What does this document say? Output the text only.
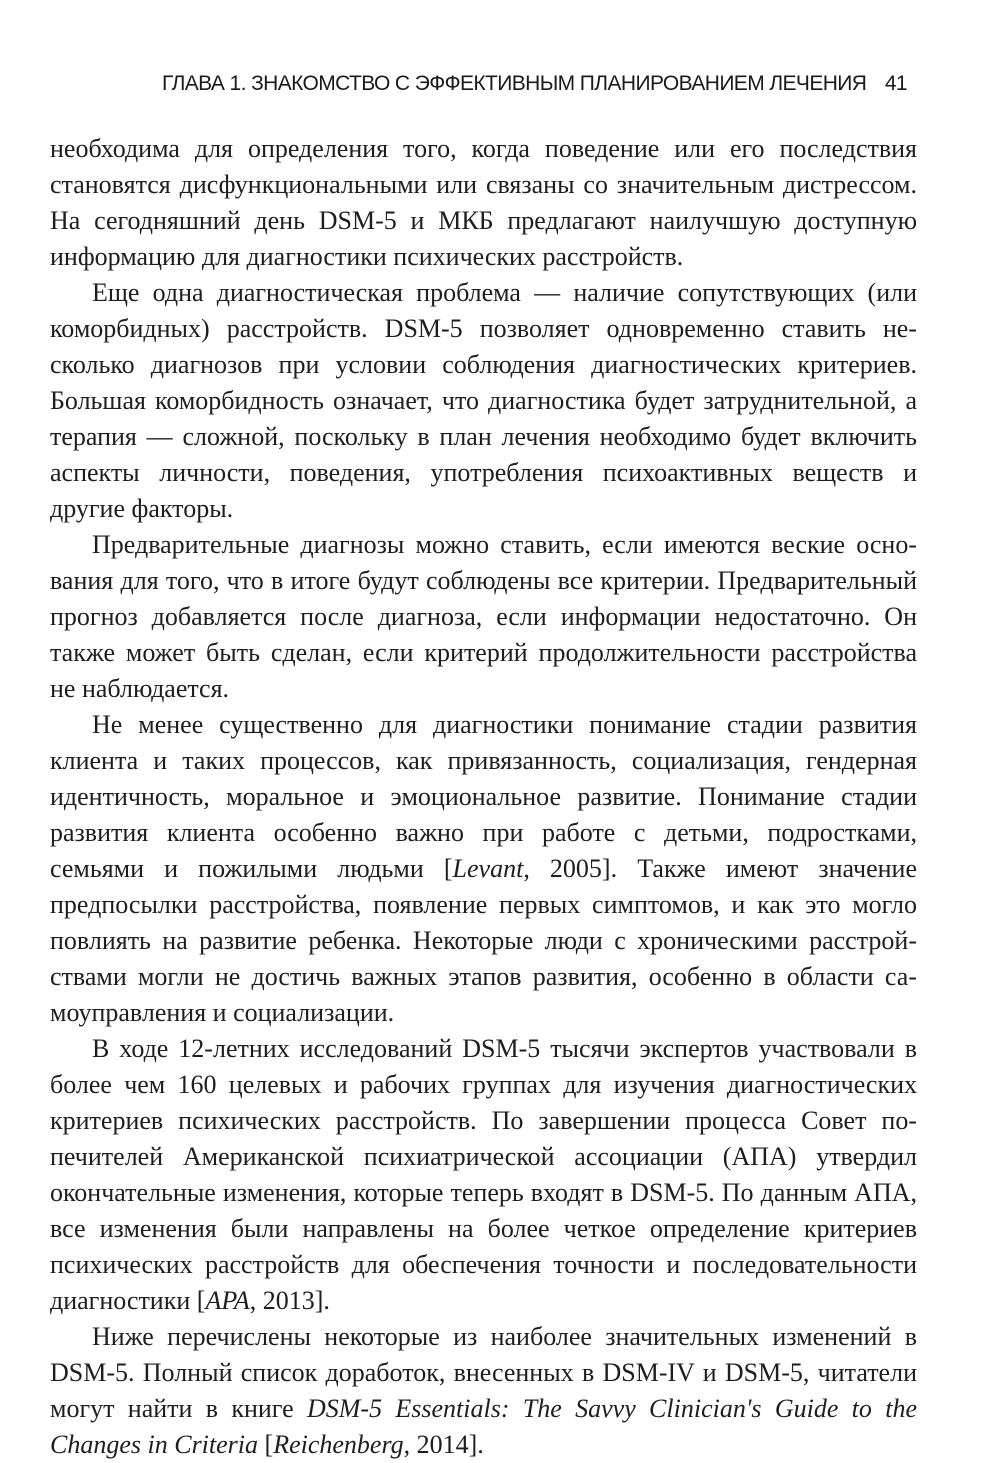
ГЛАВА 1. ЗНАКОМСТВО С ЭФФЕКТИВНЫМ ПЛАНИРОВАНИЕМ ЛЕЧЕНИЯ 41

необходима для определения того, когда поведение или его последствия становятся дисфункциональными или связаны со значительным дистрессом. На сегодняшний день DSM-5 и МКБ предлагают наилучшую доступную информацию для диагностики психических расстройств.

Еще одна диагностическая проблема — наличие сопутствующих (или коморбидных) расстройств. DSM-5 позволяет одновременно ставить несколько диагнозов при условии соблюдения диагностических критериев. Большая коморбидность означает, что диагностика будет затруднительной, а терапия — сложной, поскольку в план лечения необходимо будет включить аспекты личности, поведения, употребления психоактивных веществ и другие факторы.

Предварительные диагнозы можно ставить, если имеются веские основания для того, что в итоге будут соблюдены все критерии. Предварительный прогноз добавляется после диагноза, если информации недостаточно. Он также может быть сделан, если критерий продолжительности расстройства не наблюдается.

Не менее существенно для диагностики понимание стадии развития клиента и таких процессов, как привязанность, социализация, гендерная идентичность, моральное и эмоциональное развитие. Понимание стадии развития клиента особенно важно при работе с детьми, подростками, семьями и пожилыми людьми [Levant, 2005]. Также имеют значение предпосылки расстройства, появление первых симптомов, и как это могло повлиять на развитие ребенка. Некоторые люди с хроническими расстройствами могли не достичь важных этапов развития, особенно в области самоуправления и социализации.

В ходе 12-летних исследований DSM-5 тысячи экспертов участвовали в более чем 160 целевых и рабочих группах для изучения диагностических критериев психических расстройств. По завершении процесса Совет попечителей Американской психиатрической ассоциации (АПА) утвердил окончательные изменения, которые теперь входят в DSM-5. По данным АПА, все изменения были направлены на более четкое определение критериев психических расстройств для обеспечения точности и последовательности диагностики [APA, 2013].

Ниже перечислены некоторые из наиболее значительных изменений в DSM-5. Полный список доработок, внесенных в DSM-IV и DSM-5, читатели могут найти в книге DSM-5 Essentials: The Savvy Clinician's Guide to the Changes in Criteria [Reichenberg, 2014].
